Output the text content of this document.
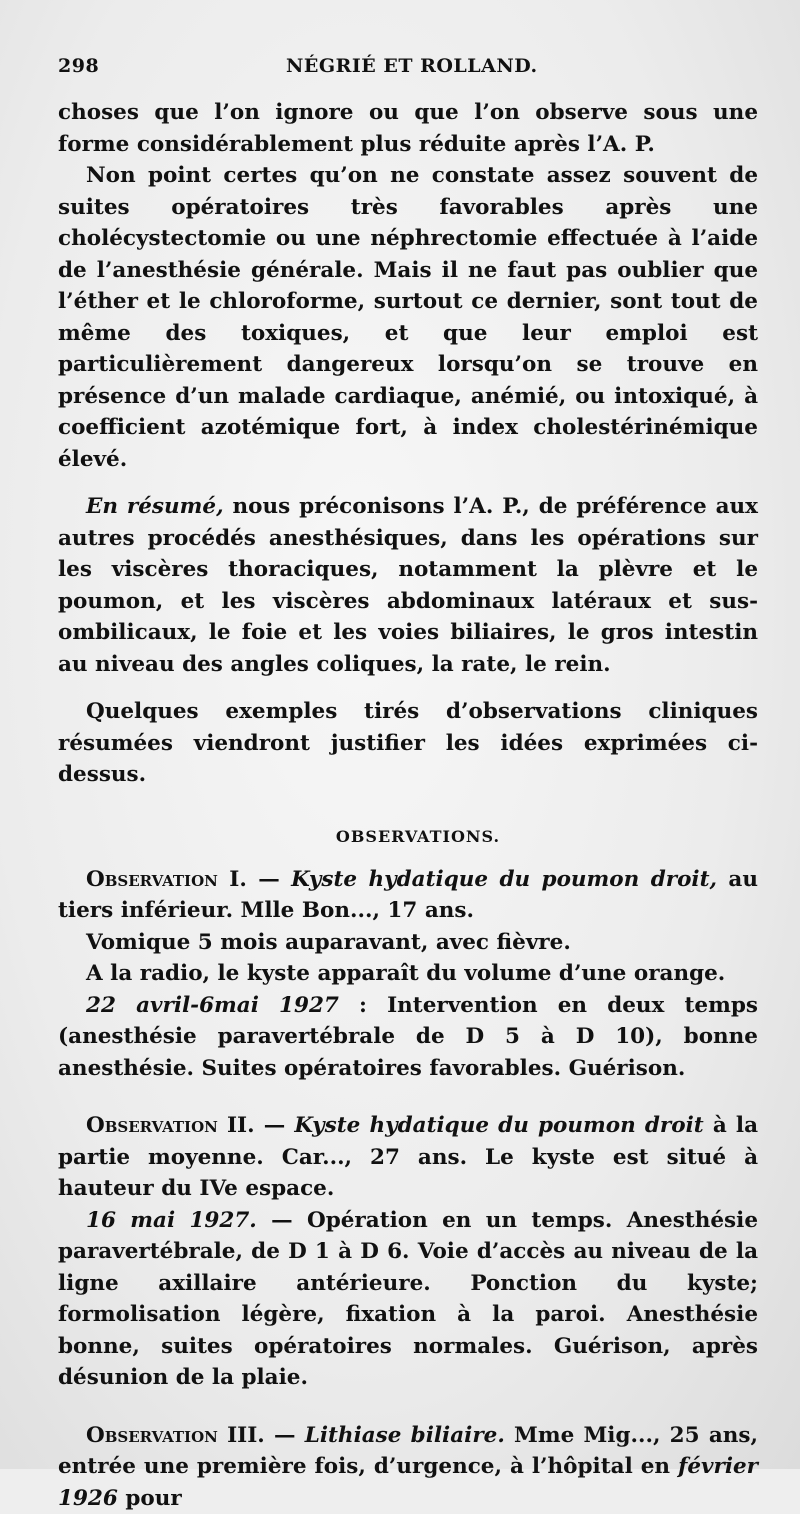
298	NÉGRIÉ ET ROLLAND.

choses que l’on ignore ou que l’on observe sous une forme considérablement plus réduite après l’A. P.

Non point certes qu’on ne constate assez souvent de suites opératoires très favorables après une cholécystectomie ou une néphrectomie effectuée à l’aide de l’anesthésie générale. Mais il ne faut pas oublier que l’éther et le chloroforme, surtout ce dernier, sont tout de même des toxiques, et que leur emploi est particulièrement dangereux lorsqu’on se trouve en présence d’un malade cardiaque, anémié, ou intoxiqué, à coefficient azotémique fort, à index cholestérinémique élevé.

En résumé, nous préconisons l’A. P., de préférence aux autres procédés anesthésiques, dans les opérations sur les viscères thoraciques, notamment la plèvre et le poumon, et les viscères abdominaux latéraux et sus-ombilicaux, le foie et les voies biliaires, le gros intestin au niveau des angles coliques, la rate, le rein.

Quelques exemples tirés d’observations cliniques résumées viendront justifier les idées exprimées ci-dessus.

OBSERVATIONS.

Observation I. — Kyste hydatique du poumon droit, au tiers inférieur. Mlle Bon..., 17 ans.

Vomique 5 mois auparavant, avec fièvre.

A la radio, le kyste apparaît du volume d’une orange.

22 avril-6mai 1927 : Intervention en deux temps (anesthésie paravertébrale de D 5 à D 10), bonne anesthésie. Suites opératoires favorables. Guérison.

Observation II. — Kyste hydatique du poumon droit à la partie moyenne. Car..., 27 ans. Le kyste est situé à hauteur du IVe espace.

16 mai 1927. — Opération en un temps. Anesthésie paravertébrale, de D 1 à D 6. Voie d’accès au niveau de la ligne axillaire antérieure. Ponction du kyste; formolisation légère, fixation à la paroi. Anesthésie bonne, suites opératoires normales. Guérison, après désunion de la plaie.

Observation III. — Lithiase biliaire. Mme Mig..., 25 ans, entrée une première fois, d’urgence, à l’hôpital en février 1926 pour
